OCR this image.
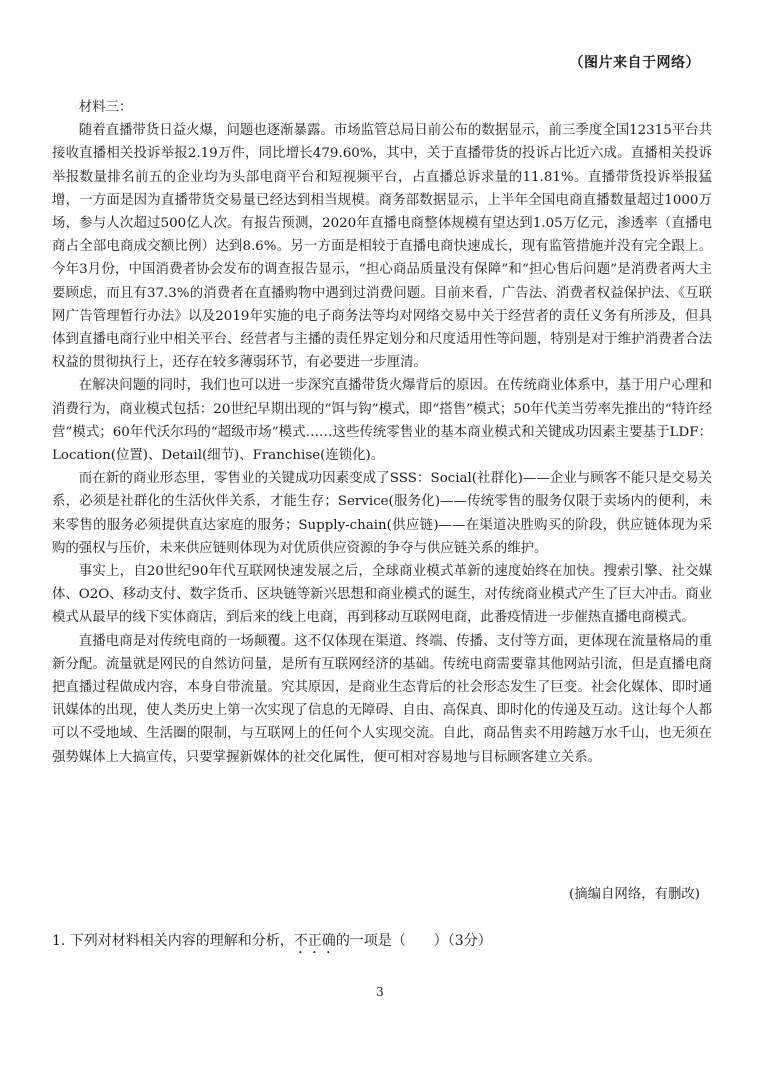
（图片来自于网络）

材料三：

随着直播带货日益火爆，问题也逐渐暴露。市场监管总局日前公布的数据显示，前三季度全国12315平台共接收直播相关投诉举报2.19万件，同比增长479.60%，其中，关于直播带货的投诉占比近六成。直播相关投诉举报数量排名前五的企业均为头部电商平台和短视频平台，占直播总诉求量的11.81%。直播带货投诉举报猛增，一方面是因为直播带货交易量已经达到相当规模。商务部数据显示，上半年全国电商直播数量超过1000万场，参与人次超过500亿人次。有报告预测，2020年直播电商整体规模有望达到1.05万亿元，渗透率（直播电商占全部电商成交额比例）达到8.6%。另一方面是相较于直播电商快速成长，现有监管措施并没有完全跟上。今年3月份，中国消费者协会发布的调查报告显示，“担心商品质量没有保障”和“担心售后问题”是消费者两大主要顾虑，而且有37.3%的消费者在直播购物中遇到过消费问题。目前来看，广告法、消费者权益保护法、《互联网广告管理暂行办法》以及2019年实施的电子商务法等均对网络交易中关于经营者的责任义务有所涉及，但具体到直播电商行业中相关平台、经营者与主播的责任界定划分和尺度适用性等问题，特别是对于维护消费者合法权益的贯彻执行上，还存在较多薄弱环节，有必要进一步厘清。

在解决问题的同时，我们也可以进一步深究直播带货火爆背后的原因。在传统商业体系中，基于用户心理和消费行为，商业模式包括：20世纪早期出现的“饵与钩”模式，即“搭售”模式；50年代美当劳率先推出的“特许经营”模式；60年代沃尔玛的“超级市场”模式……这些传统零售业的基本商业模式和关键成功因素主要基于LDF：Location(位置)、Detail(细节)、Franchise(连锁化)。

而在新的商业形态里，零售业的关键成功因素变成了SSS：Social(社群化)——企业与顾客不能只是交易关系，必须是社群化的生活伙伴关系，才能生存；Service(服务化)——传统零售的服务仅限于卖场内的便利，未来零售的服务必须提供直达家庭的服务；Supply-chain(供应链)——在渠道决胜购买的阶段，供应链体现为采购的强权与压价，未来供应链则体现为对优质供应资源的争夺与供应链关系的维护。

事实上，自20世纪90年代互联网快速发展之后，全球商业模式革新的速度始终在加快。搜索引擎、社交媒体、O2O、移动支付、数字货币、区块链等新兴思想和商业模式的诞生，对传统商业模式产生了巨大冲击。商业模式从最早的线下实体商店，到后来的线上电商，再到移动互联网电商，此番疫情进一步催热直播电商模式。

直播电商是对传统电商的一场颠覆。这不仅体现在渠道、终端、传播、支付等方面，更体现在流量格局的重新分配。流量就是网民的自然访问量，是所有互联网经济的基础。传统电商需要靠其他网站引流，但是直播电商把直播过程做成内容，本身自带流量。究其原因，是商业生态背后的社会形态发生了巨变。社会化媒体、即时通讯媒体的出现，使人类历史上第一次实现了信息的无障碍、自由、高保真、即时化的传递及互动。这让每个人都可以不受地域、生活圈的限制，与互联网上的任何个人实现交流。自此，商品售卖不用跨越万水千山，也无须在强势媒体上大搞宣传，只要掌握新媒体的社交化属性，便可相对容易地与目标顾客建立关系。

(摘编自网络，有删改)
1. 下列对材料相关内容的理解和分析，不正确的一项是（　　）（3分）
3
